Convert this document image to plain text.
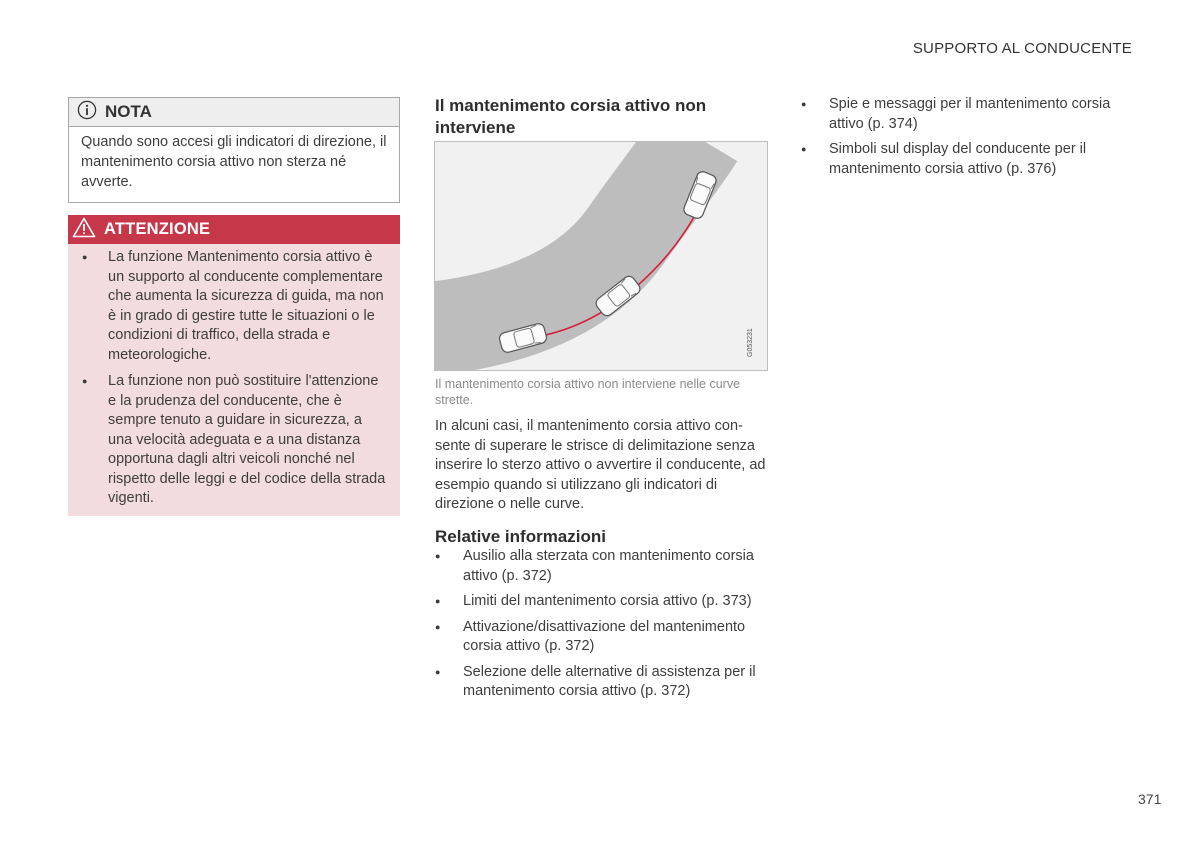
SUPPORTO AL CONDUCENTE
NOTA
Quando sono accesi gli indicatori di direzione, il mantenimento corsia attivo non sterza né avverte.
ATTENZIONE
● La funzione Mantenimento corsia attivo è un supporto al conducente complementare che aumenta la sicurezza di guida, ma non è in grado di gestire tutte le situazioni o le condizioni di traffico, della strada e meteorologiche.
● La funzione non può sostituire l'attenzione e la prudenza del conducente, che è sempre tenuto a guidare in sicurezza, a una velocità adeguata e a una distanza opportuna dagli altri veicoli nonché nel rispetto delle leggi e del codice della strada vigenti.
Il mantenimento corsia attivo non interviene
G053231
Il mantenimento corsia attivo non interviene nelle curve strette.
In alcuni casi, il mantenimento corsia attivo consente di superare le strisce di delimitazione senza inserire lo sterzo attivo o avvertire il conducente, ad esempio quando si utilizzano gli indicatori di direzione o nelle curve.
Relative informazioni
● Ausilio alla sterzata con mantenimento corsia attivo (p. 372)
● Limiti del mantenimento corsia attivo (p. 373)
● Attivazione/disattivazione del mantenimento corsia attivo (p. 372)
● Selezione delle alternative di assistenza per il mantenimento corsia attivo (p. 372)
● Spie e messaggi per il mantenimento corsia attivo (p. 374)
● Simboli sul display del conducente per il mantenimento corsia attivo (p. 376)
371
